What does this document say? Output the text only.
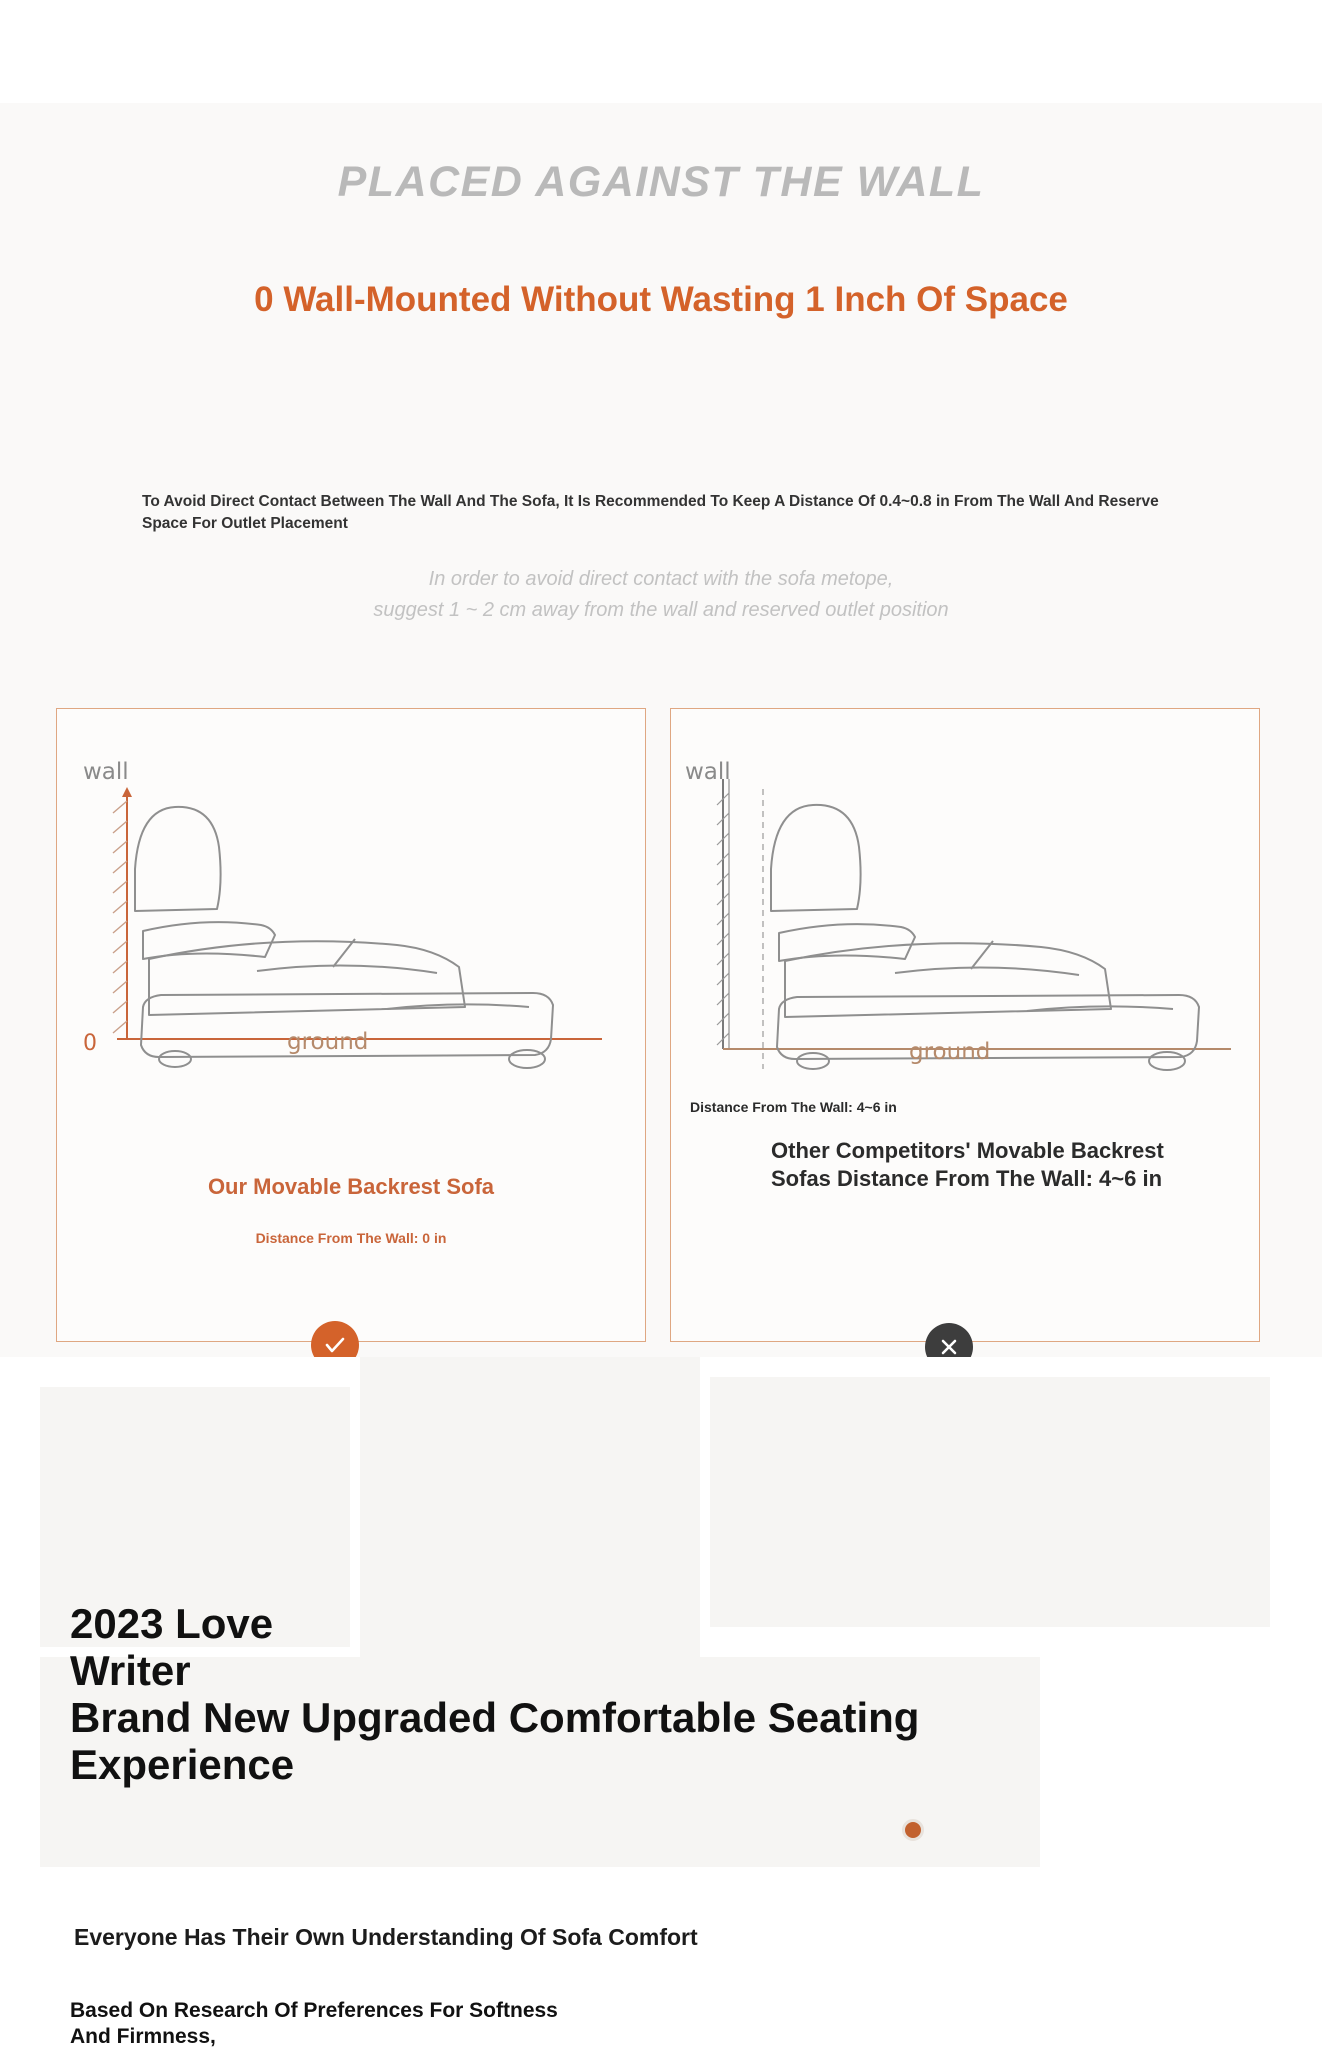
PLACED AGAINST THE WALL
0 Wall-Mounted Without Wasting 1 Inch Of Space
To Avoid Direct Contact Between The Wall And The Sofa, It Is Recommended To Keep A Distance Of 0.4~0.8 in From The Wall And Reserve Space For Outlet Placement
In order to avoid direct contact with the sofa metope,
suggest 1 ~ 2 cm away from the wall and reserved outlet position
wall
0	ground
Our Movable Backrest Sofa
Distance From The Wall: 0 in
wall
ground
Other Competitors' Movable Backrest Sofas Distance From The Wall: 4~6 in
Distance From The Wall: 4~6 in
2023 Love
Writer
Brand New Upgraded Comfortable Seating
Experience
Everyone Has Their Own Understanding Of Sofa Comfort
Based On Research Of Preferences For Softness
And Firmness,
